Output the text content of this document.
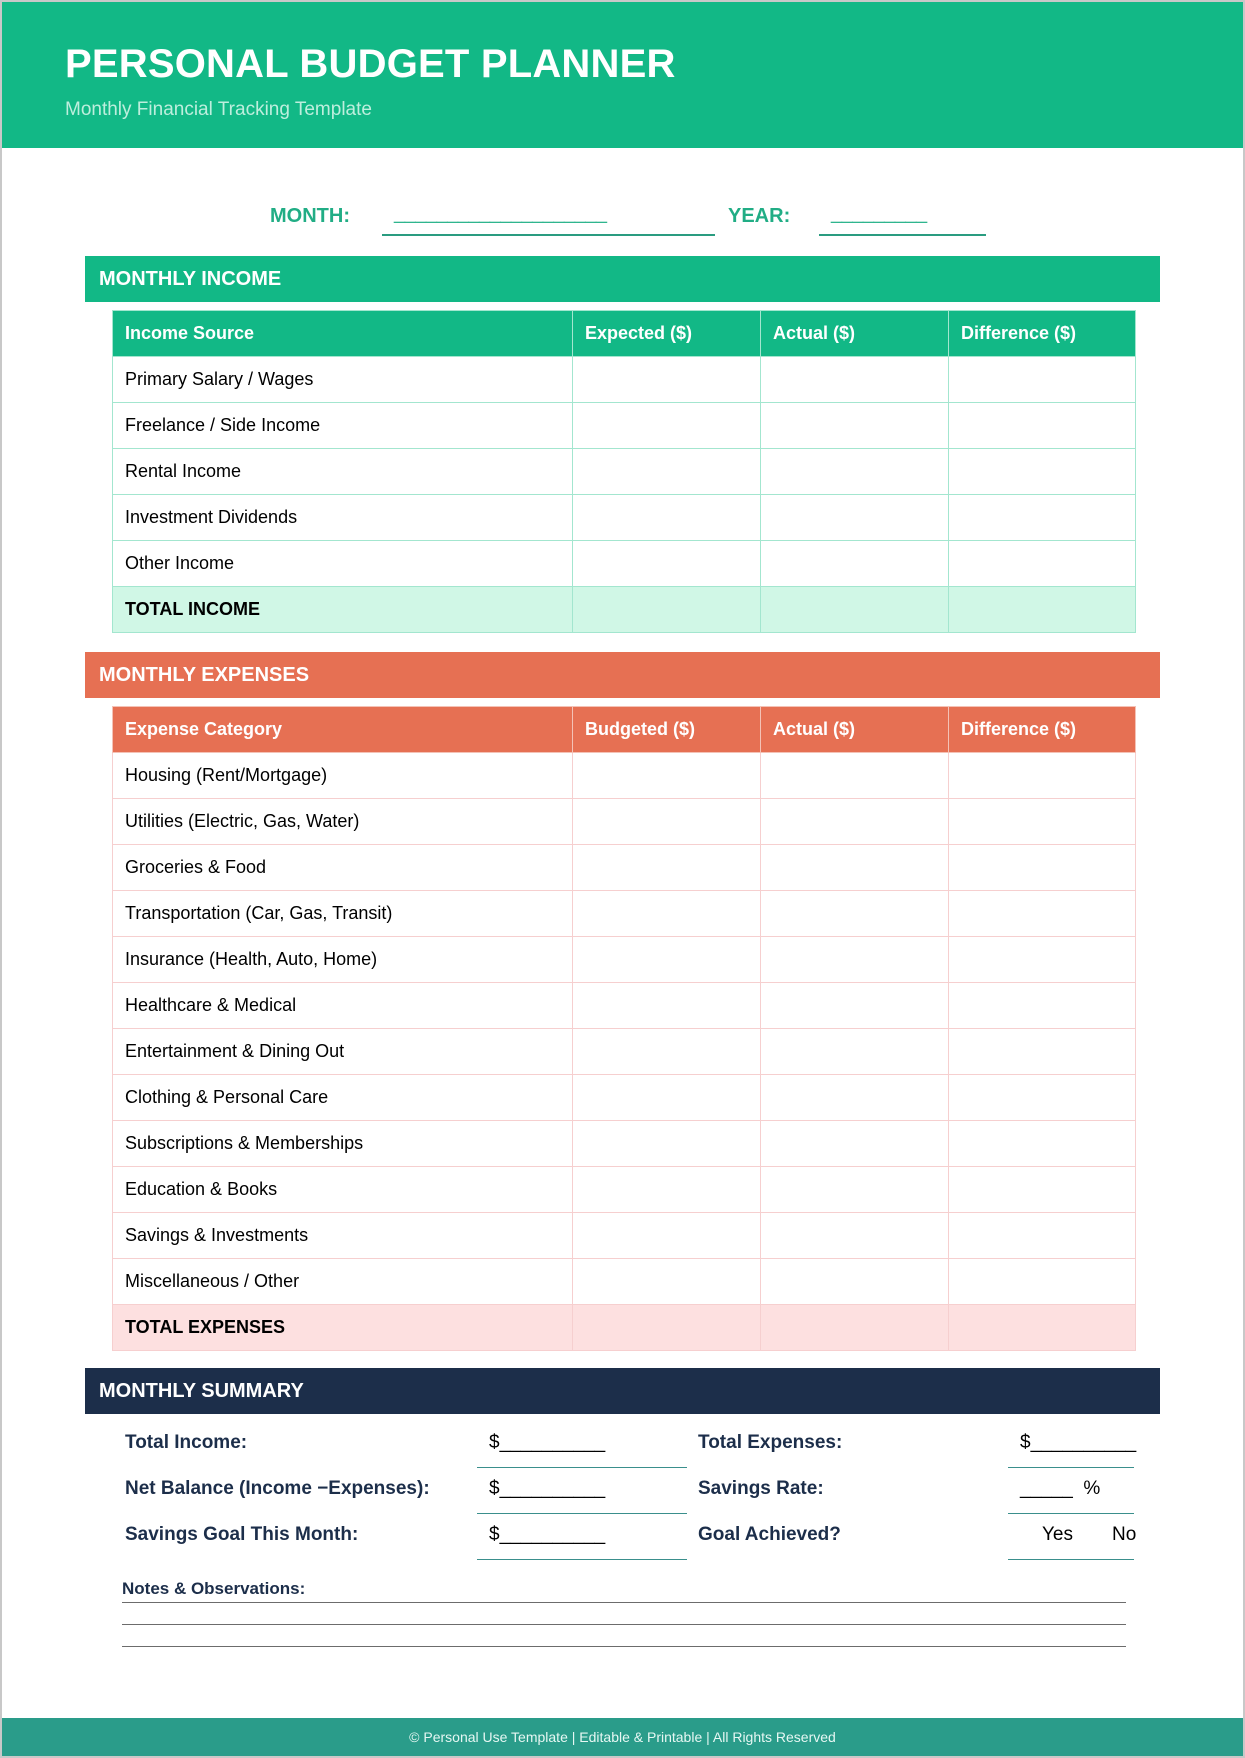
PERSONAL BUDGET PLANNER
Monthly Financial Tracking Template
MONTH: ____________________	YEAR: _________
MONTHLY INCOME
Income Source	Expected ($)	Actual ($)	Difference ($)
Primary Salary / Wages			
Freelance / Side Income			
Rental Income			
Investment Dividends			
Other Income			
TOTAL INCOME			
MONTHLY EXPENSES
Expense Category	Budgeted ($)	Actual ($)	Difference ($)
Housing (Rent/Mortgage)			
Utilities (Electric, Gas, Water)			
Groceries & Food			
Transportation (Car, Gas, Transit)			
Insurance (Health, Auto, Home)			
Healthcare & Medical			
Entertainment & Dining Out			
Clothing & Personal Care			
Subscriptions & Memberships			
Education & Books			
Savings & Investments			
Miscellaneous / Other			
TOTAL EXPENSES			
MONTHLY SUMMARY
Total Income:	$__________	Total Expenses:	$__________
Net Balance (Income −Expenses):	$__________	Savings Rate:	_____  %
Savings Goal This Month:	$__________	Goal Achieved?	Yes No
Notes & Observations:
© Personal Use Template | Editable & Printable | All Rights Reserved
